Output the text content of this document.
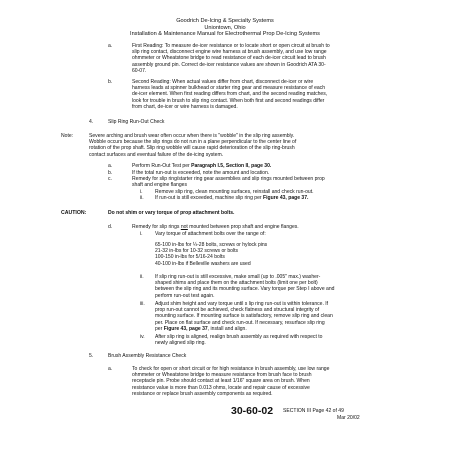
Goodrich De-Icing & Specialty Systems
Uniontown, Ohio
Installation & Maintenance Manual for Electrothermal Prop De-Icing Systems
a.	First Reading: To measure de-icer resistance or to locate short or open circuit at brush to
slip ring contact, disconnect engine wire harness at brush assembly, and use low range
ohmmeter or Wheatstone bridge to read resistance of each de-icer circuit lead to brush
assembly ground pin. Correct de-icer resistance values are shown in Goodrich ATA 30-
60-07.
b.	Second Reading: When actual values differ from chart, disconnect de-icer or wire
harness leads at spinner bulkhead or starter ring gear and measure resistance of each
de-icer element. When first reading differs from chart, and the second reading matches,
look for trouble in brush to slip ring contact. When both first and second readings differ
from chart, de-icer or wire harness is damaged.
4.	Slip Ring Run-Out Check
Note:	Severe arching and brush wear often occur when there is "wobble" in the slip ring assembly.
Wobble occurs because the slip rings do not run in a plane perpendicular to the center line of
rotation of the prop shaft. Slip ring wobble will cause rapid deterioration of the slip ring-brush
contact surfaces and eventual failure of the de-icing system.
a.	Perform Run-Out Test per Paragraph I.5, Section II, page 30.
b.	If the total run-out is exceeded, note the amount and location.
c.	Remedy for slip ring/starter ring gear assemblies and slip rings mounted between prop
shaft and engine flanges
i. Remove slip ring, clean mounting surfaces, reinstall and check run-out.
ii. If run-out is still exceeded, machine slip ring per Figure 43, page 37.
CAUTION:	Do not shim or vary torque of prop attachment bolts.
d.	Remedy for slip rings not mounted between prop shaft and engine flanges.
i. Vary torque of attachment bolts over the range of:
65-100 in-lbs for ¼-28 bolts, screws or hylock pins
21-32 in-lbs for 10-32 screws or bolts
100-150 in-lbs for 5/16-24 bolts
40-100 in-lbs if Belleville washers are used
ii. If slip ring run-out is still excessive, make small (up to .005" max.) washer-
shaped shims and place them on the attachment bolts (limit one per bolt)
between the slip ring and its mounting surface. Vary torque per Step I above and
perform run-out test again.
iii. Adjust shim height and vary torque until s lip ring run-out is within tolerance. If
prop run-out cannot be achieved, check flatness and structural integrity of
mounting surface. If mounting surface is satisfactory, remove slip ring and clean
per. Place on flat surface and check run-out. If necessary, resurface slip ring
per Figure 43, page 37, install and align.
iv. After slip ring is aligned, realign brush assembly as required with respect to
newly aligned slip ring.
5.	Brush Assembly Resistance Check
a.	To check for open or short circuit or for high resistance in brush assembly, use low range
ohmmeter or Wheatstone bridge to measure resistance from brush face to brush
receptacle pin. Probe should contact at least 1/16" square area on brush. When
resistance value is more than 0.013 ohms, locate and repair cause of excessive
resistance or replace brush assembly components as required.
30-60-02 SECTION III Page 42 of 49
Mar 20/02
